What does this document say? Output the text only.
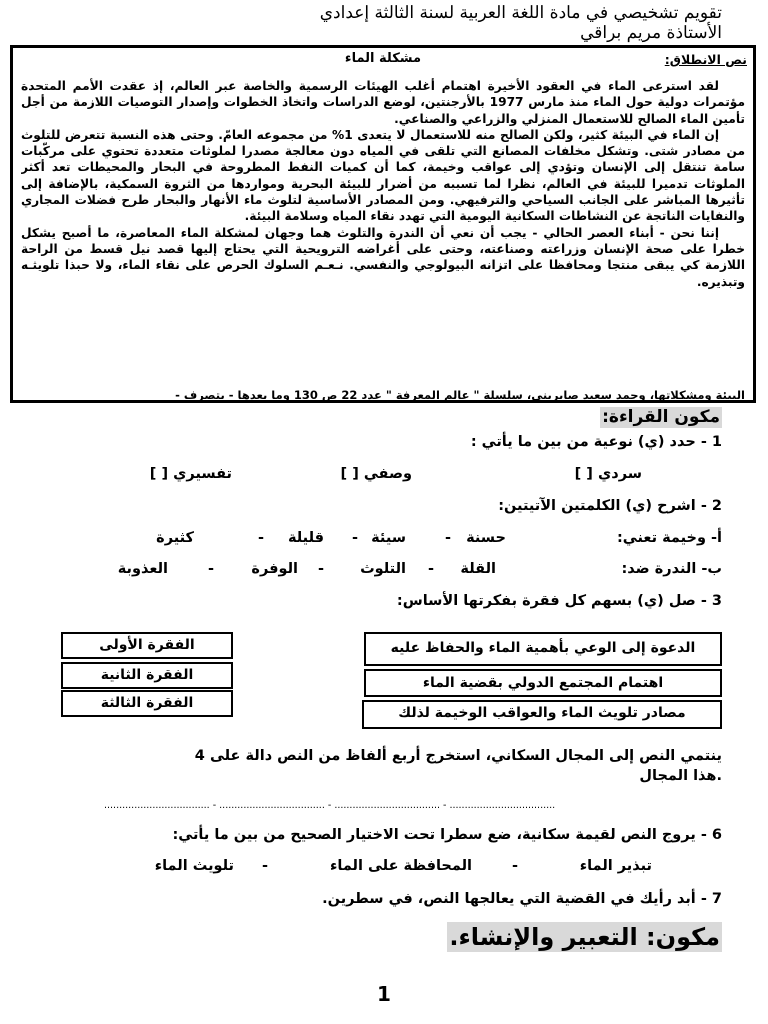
تقويم تشخيصي في مادة اللغة العربية لسنة الثالثة إعدادي
الأستاذة مريم براقي
نص الانطلاق:
مشكلة الماء
لقد استرعى الماء في العقود الأخيرة اهتمام أغلب الهيئات الرسمية والخاصة عبر العالم، إذ عقدت الأمم المتحدة مؤتمرات دولية حول الماء منذ مارس 1977 بالأرجنتين، لوضع الدراسات واتخاذ الخطوات وإصدار التوصيات اللازمة من أجل تأمين الماء الصالح للاستعمال المنزلي والزراعي والصناعي.
إن الماء في البيئة كثير، ولكن الصالح منه للاستعمال لا يتعدى 1% من مجموعه العامّ. وحتى هذه النسبة تتعرض للتلوث من مصادر شتى. وتشكل مخلفات المصانع التي تلقى في المياه دون معالجة مصدرا لملوثات متعددة تحتوي على مركّبات سامة تنتقل إلى الإنسان وتؤدي إلى عواقب وخيمة، كما أن كميات النفط المطروحة في البحار والمحيطات تعد أكثر الملوثات تدميرا للبيئة في العالم، نظرا لما تسببه من أضرار للبيئة البحرية ومواردها من الثروة السمكية، بالإضافة إلى تأثيرها المباشر على الجانب السياحي والترفيهي. ومن المصادر الأساسية لتلوث ماء الأنهار والبحار طرح فضلات المجاري والنفايات الناتجة عن النشاطات السكانية اليومية التي تهدد نقاء المياه وسلامة البيئة.
إننا نحن - أبناء العصر الحالي - يجب أن نعي أن الندرة والتلوث هما وجهان لمشكلة الماء المعاصرة، ما أصبح يشكل خطرا على صحة الإنسان وزراعته وصناعته، وحتى على أغراضه الترويحية التي يحتاج إليها قصد نيل قسط من الراحة اللازمة كي يبقى منتجا ومحافظا على اتزانه البيولوجي والنفسي. نـعـم السلوك الحرص على نقاء الماء، ولا حبذا تلويثـه وتبذيره.
البيئة ومشكلاتها، وحمد سعيد صابريني، سلسلة " عالم المعرفة " عدد 22 ص 130 وما بعدها - بتصرف -
مكون القراءة:
1 - حدد (ي) نوعية من بين ما يأتي :
سردي [ ]
وصفي [ ]
تفسيري [ ]
2 - اشرح (ي) الكلمتين الآتيتين:
أ- وخيمة تعني:
حسنة
-
سيئة
-
قليلة
-
كثيرة
ب- الندرة ضد:
القلة
-
التلوث
-
الوفرة
-
العذوبة
3 - صل (ي) بسهم كل فقرة بفكرتها الأساس:
الفقرة الأولى
الفقرة الثانية
الفقرة الثالثة
الدعوة إلى الوعي بأهمية الماء والحفاظ عليه
اهتمام المجتمع الدولي بقضية الماء
مصادر تلويث الماء والعواقب الوخيمة لذلك
ينتمي النص إلى المجال السكاني، استخرج أربع ألفاظ من النص دالة على 4
.هذا المجال
................................... - ................................... - ................................... - ...................................
6 - يروج النص لقيمة سكانية، ضع سطرا تحت الاختيار الصحيح من بين ما يأتي:
تبذير الماء
-
المحافظة على الماء
-
تلويث الماء
7 - أبد رأيك في القضية التي يعالجها النص، في سطرين.
مكون: التعبير والإنشاء.
1
